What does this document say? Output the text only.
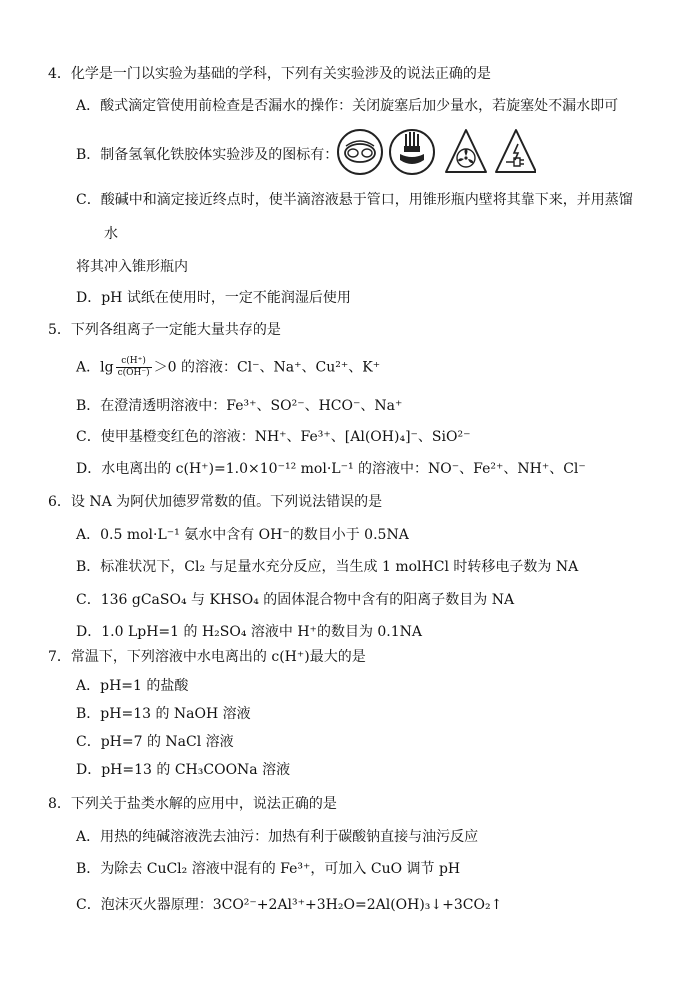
4．化学是一门以实验为基础的学科，下列有关实验涉及的说法正确的是
A．酸式滴定管使用前检查是否漏水的操作：关闭旋塞后加少量水，若旋塞处不漏水即可
B．制备氢氧化铁胶体实验涉及的图标有：
C．酸碱中和滴定接近终点时，使半滴溶液悬于管口，用锥形瓶内壁将其靠下来，并用蒸馏
水
将其冲入锥形瓶内
D．pH 试纸在使用时，一定不能润湿后使用
5．下列各组离子一定能大量共存的是
A．$\lg \frac{c(H^+)}{c(OH^-)} >0$ 的溶液：Cl⁻、Na⁺、Cu²⁺、K⁺
B．在澄清透明溶液中：Fe³⁺、SO²⁻、HCO⁻、Na⁺
C．使甲基橙变红色的溶液：NH⁺、Fe³⁺、[Al(OH)₄]⁻、SiO²⁻
D．水电离出的 c(H⁺)=1.0×10⁻¹² mol·L⁻¹ 的溶液中：NO⁻、Fe²⁺、NH⁺、Cl⁻
6．设 NA 为阿伏加德罗常数的值。下列说法错误的是
A．0.5 mol·L⁻¹ 氨水中含有 OH⁻的数目小于 0.5NA
B．标准状况下，Cl₂ 与足量水充分反应，当生成 1 molHCl 时转移电子数为 NA
C．136 gCaSO₄ 与 KHSO₄ 的固体混合物中含有的阳离子数目为 NA
D．1.0 LpH=1 的 H₂SO₄ 溶液中 H⁺的数目为 0.1NA
7．常温下，下列溶液中水电离出的 c(H⁺)最大的是
A．pH=1 的盐酸
B．pH=13 的 NaOH 溶液
C．pH=7 的 NaCl 溶液
D．pH=13 的 CH₃COONa 溶液
8．下列关于盐类水解的应用中，说法正确的是
A．用热的纯碱溶液洗去油污：加热有利于碳酸钠直接与油污反应
B．为除去 CuCl₂ 溶液中混有的 Fe³⁺，可加入 CuO 调节 pH
C．泡沫灭火器原理：3CO²⁻+2Al³⁺+3H₂O=2Al(OH)₃↓+3CO₂↑
